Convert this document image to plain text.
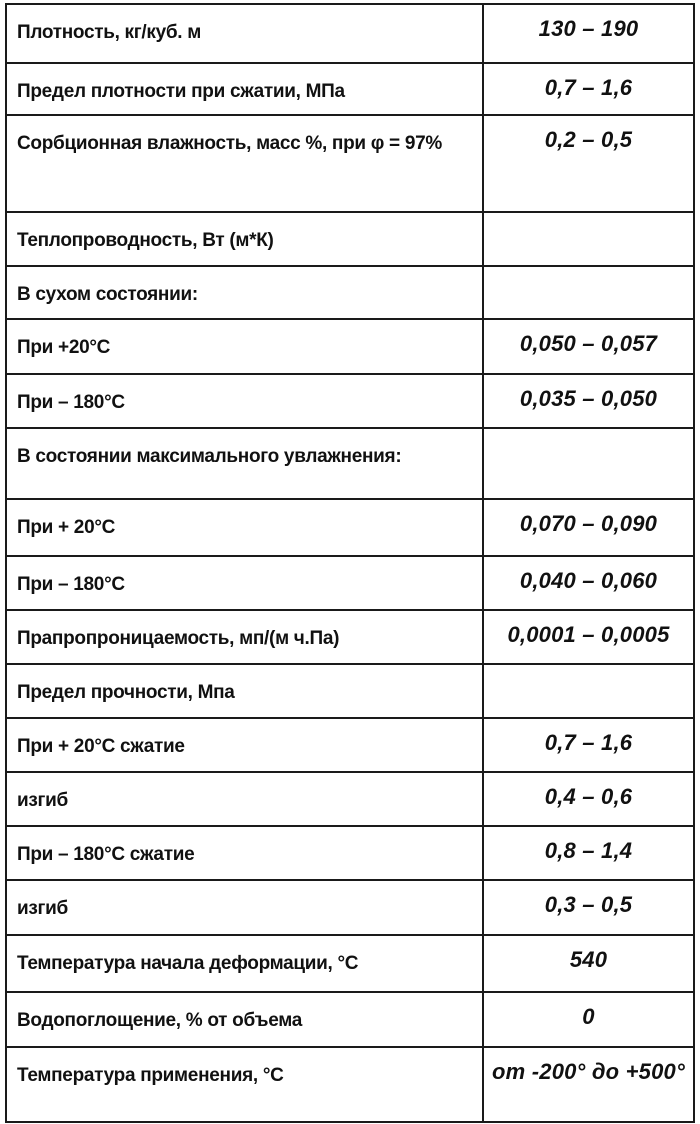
Плотность, кг/куб. м	130 – 190
Предел плотности при сжатии, МПа	0,7 – 1,6
Сорбционная влажность, масс %, при φ = 97%	0,2 – 0,5
Теплопроводность, Вт (м*К)	
В сухом состоянии:	
При +20°С	0,050 – 0,057
При – 180°С	0,035 – 0,050
В состоянии максимального увлажнения:	
При + 20°С	0,070 – 0,090
При – 180°С	0,040 – 0,060
Прапропроницаемость, мп/(м ч.Па)	0,0001 – 0,0005
Предел прочности, Мпа	
При + 20°С сжатие	0,7 – 1,6
изгиб	0,4 – 0,6
При – 180°С сжатие	0,8 – 1,4
изгиб	0,3 – 0,5
Температура начала деформации, °С	540
Водопоглощение, % от объема	0
Температура применения, °С	от -200° до +500°
